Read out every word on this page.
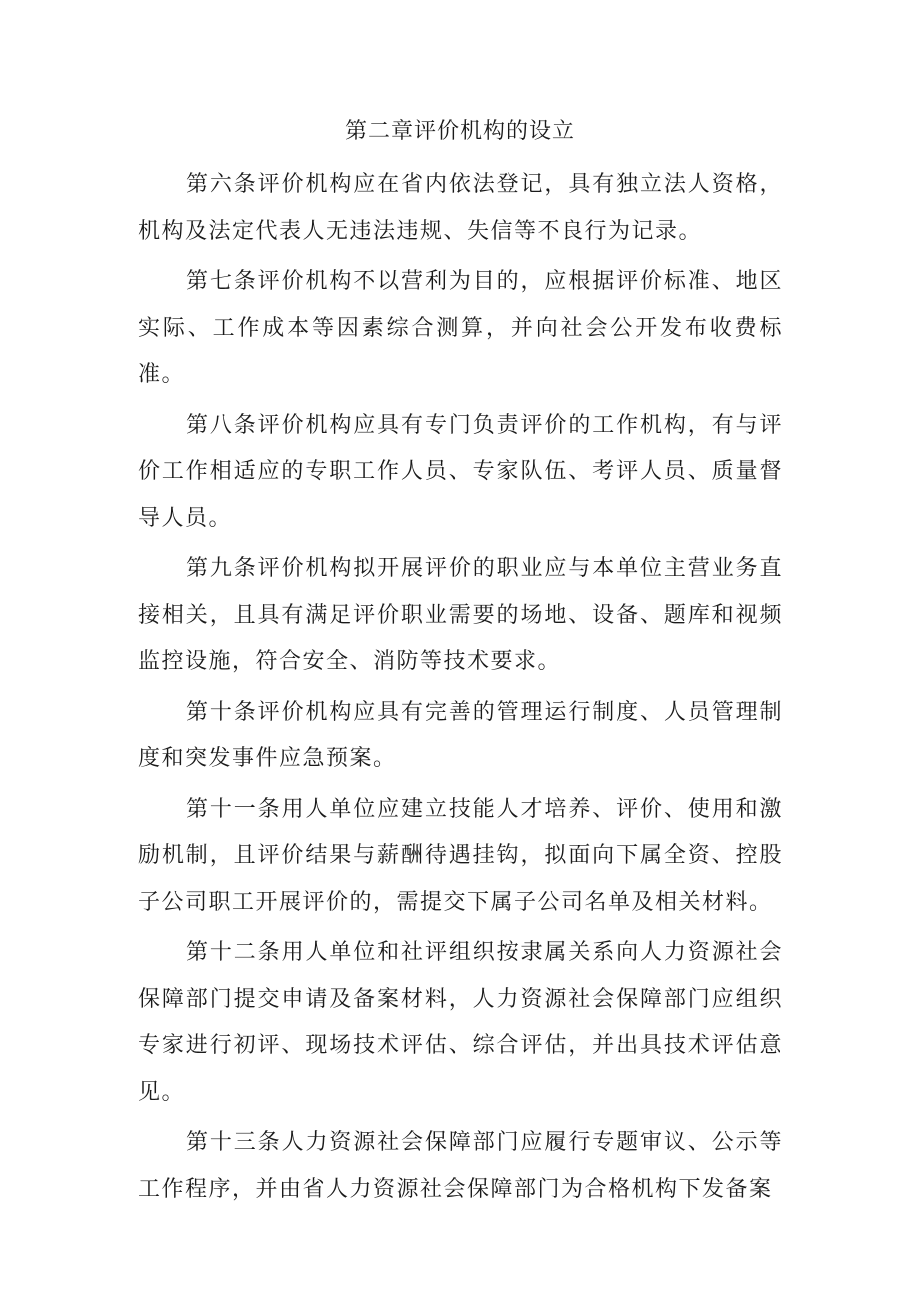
第二章评价机构的设立

第六条评价机构应在省内依法登记，具有独立法人资格，机构及法定代表人无违法违规、失信等不良行为记录。

第七条评价机构不以营利为目的，应根据评价标准、地区实际、工作成本等因素综合测算，并向社会公开发布收费标准。

第八条评价机构应具有专门负责评价的工作机构，有与评价工作相适应的专职工作人员、专家队伍、考评人员、质量督导人员。

第九条评价机构拟开展评价的职业应与本单位主营业务直接相关，且具有满足评价职业需要的场地、设备、题库和视频监控设施，符合安全、消防等技术要求。

第十条评价机构应具有完善的管理运行制度、人员管理制度和突发事件应急预案。

第十一条用人单位应建立技能人才培养、评价、使用和激励机制，且评价结果与薪酬待遇挂钩，拟面向下属全资、控股子公司职工开展评价的，需提交下属子公司名单及相关材料。

第十二条用人单位和社评组织按隶属关系向人力资源社会保障部门提交申请及备案材料，人力资源社会保障部门应组织专家进行初评、现场技术评估、综合评估，并出具技术评估意见。

第十三条人力资源社会保障部门应履行专题审议、公示等工作程序，并由省人力资源社会保障部门为合格机构下发备案
